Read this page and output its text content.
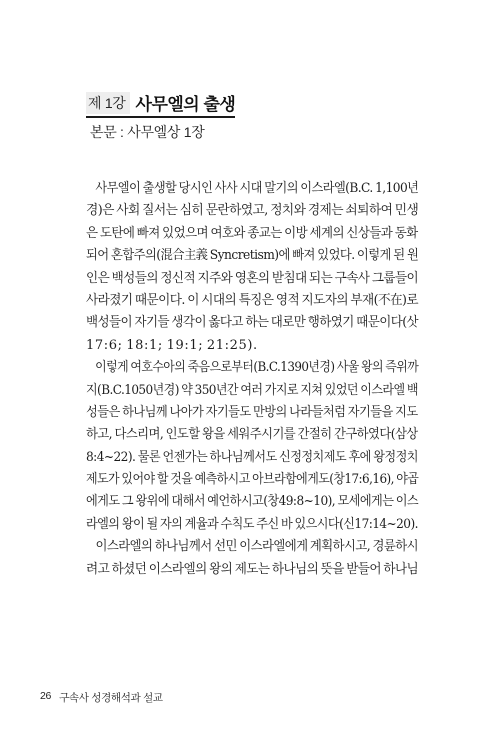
제 1강 사무엘의 출생
본문 : 사무엘상 1장
사무엘이 출생할 당시인 사사 시대 말기의 이스라엘(B.C. 1,100년
경)은 사회 질서는 심히 문란하였고, 정치와 경제는 쇠퇴하여 민생
은 도탄에 빠져 있었으며 여호와 종교는 이방 세계의 신상들과 동화
되어 혼합주의(混合主義 Syncretism)에 빠져 있었다. 이렇게 된 원
인은 백성들의 정신적 지주와 영혼의 받침대 되는 구속사 그룹들이
사라졌기 때문이다. 이 시대의 특징은 영적 지도자의 부재(不在)로
백성들이 자기들 생각이 옳다고 하는 대로만 행하였기 때문이다(삿
17:6; 18:1; 19:1; 21:25).
이렇게 여호수아의 죽음으로부터(B.C.1390년경) 사울 왕의 즉위까
지(B.C.1050년경) 약 350년간 여러 가지로 지쳐 있었던 이스라엘 백
성들은 하나님께 나아가 자기들도 만방의 나라들처럼 자기들을 지도
하고, 다스리며, 인도할 왕을 세워주시기를 간절히 간구하였다(삼상
8:4~22). 물론 언젠가는 하나님께서도 신정정치제도 후에 왕정정치
제도가 있어야 할 것을 예측하시고 아브라함에게도(창17:6,16), 야곱
에게도 그 왕위에 대해서 예언하시고(창49:8~10), 모세에게는 이스
라엘의 왕이 될 자의 계율과 수칙도 주신 바 있으시다(신17:14~20).
이스라엘의 하나님께서 선민 이스라엘에게 계획하시고, 경륜하시
려고 하셨던 이스라엘의 왕의 제도는 하나님의 뜻을 받들어 하나님
26 구속사 성경해석과 설교
